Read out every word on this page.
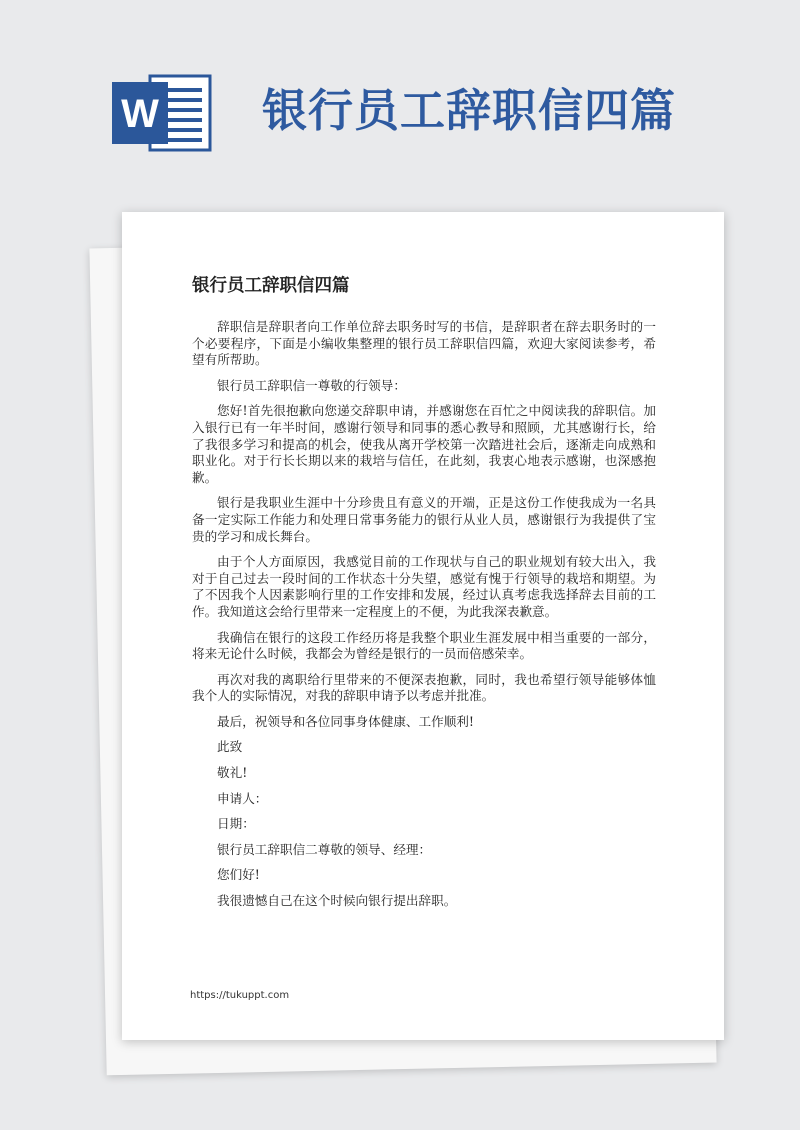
W 银行员工辞职信四篇
银行员工辞职信四篇

辞职信是辞职者向工作单位辞去职务时写的书信，是辞职者在辞去职务时的一个必要程序，下面是小编收集整理的银行员工辞职信四篇，欢迎大家阅读参考，希望有所帮助。

银行员工辞职信一尊敬的行领导：

您好!首先很抱歉向您递交辞职申请，并感谢您在百忙之中阅读我的辞职信。加入银行已有一年半时间，感谢行领导和同事的悉心教导和照顾，尤其感谢行长，给了我很多学习和提高的机会，使我从离开学校第一次踏进社会后，逐渐走向成熟和职业化。对于行长长期以来的栽培与信任，在此刻，我衷心地表示感谢，也深感抱歉。

银行是我职业生涯中十分珍贵且有意义的开端，正是这份工作使我成为一名具备一定实际工作能力和处理日常事务能力的银行从业人员，感谢银行为我提供了宝贵的学习和成长舞台。

由于个人方面原因，我感觉目前的工作现状与自己的职业规划有较大出入，我对于自己过去一段时间的工作状态十分失望，感觉有愧于行领导的栽培和期望。为了不因我个人因素影响行里的工作安排和发展，经过认真考虑我选择辞去目前的工作。我知道这会给行里带来一定程度上的不便，为此我深表歉意。

我确信在银行的这段工作经历将是我整个职业生涯发展中相当重要的一部分，将来无论什么时候，我都会为曾经是银行的一员而倍感荣幸。

再次对我的离职给行里带来的不便深表抱歉，同时，我也希望行领导能够体恤我个人的实际情况，对我的辞职申请予以考虑并批准。

最后，祝领导和各位同事身体健康、工作顺利!

此致

敬礼!

申请人：

日期：

银行员工辞职信二尊敬的领导、经理：

您们好!

我很遗憾自己在这个时候向银行提出辞职。

https://tukuppt.com
